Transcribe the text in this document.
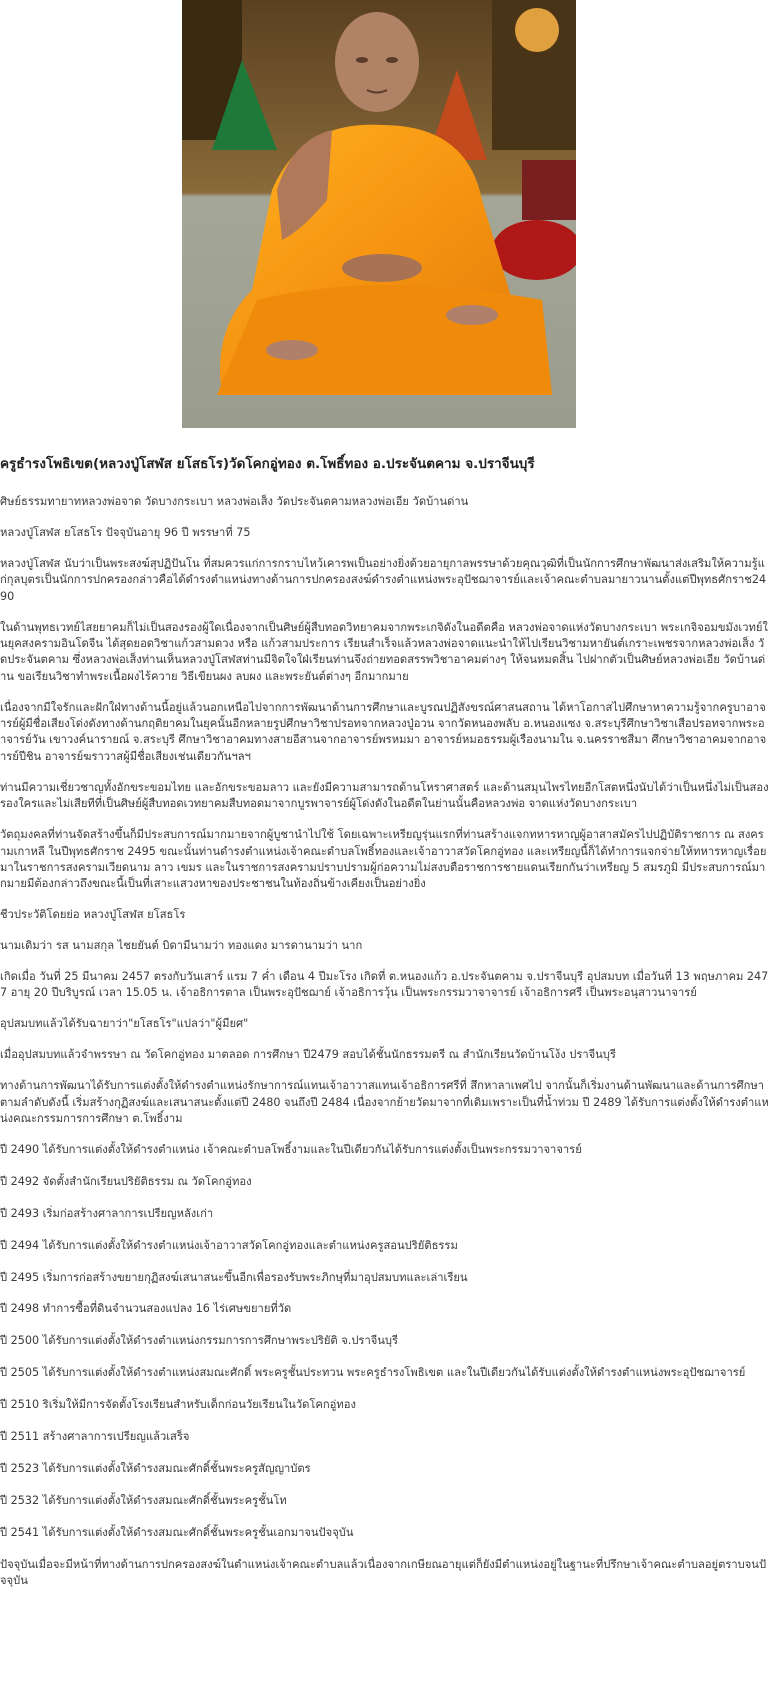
ครูธำรงโพธิเขต(หลวงปู่โสฬส ยโสธโร)วัดโคกอู่ทอง ต.โพธิ์ทอง อ.ประจันตคาม จ.ปราจีนบุรี
ศิษย์ธรรมทายาทหลวงพ่อจาด วัดบางกระเบา หลวงพ่อเส็ง วัดประจันตคามหลวงพ่อเอีย วัดบ้านด่าน
หลวงปู่โสฬส ยโสธโร ปัจจุบันอายุ 96 ปี พรรษาที่ 75
หลวงปู่โสฬส นับว่าเป็นพระสงฆ์สุปฏิปันโน ที่สมควรแก่การกราบไหว้เคารพเป็นอย่างยิ่งด้วยอายุกาลพรรษาด้วยคุณวุฒิที่เป็นนักการศึกษาพัฒนาส่งเสริมให้ความรู้แก่กุลบุตรเป็นนักการปกครองกล่าวคือได้ดำรงตำแหน่งทางด้านการปกครองสงฆ์ดำรงตำแหน่งพระอุปัชฌาจารย์และเจ้าคณะตำบลมายาวนานตั้งแต่ปีพุทธศักราช2490
ในด้านพุทธเวทย์ไสยยาคมก็ไม่เป็นสองรองผู้ใดเนื่องจากเป็นศิษย์ผู้สืบทอดวิทยาคมจากพระเกจิดังในอดีตคือ หลวงพ่อจาดแห่งวัดบางกระเบา พระเกจิจอมขมังเวทย์ในยุคสงครามอินโดจีน ได้สุดยอดวิชาแก้วสามดวง หรือ แก้วสามประการ เรียนสำเร็จแล้วหลวงพ่อจาดแนะนำให้ไปเรียนวิชามหายันต์เกราะเพชรจากหลวงพ่อเส็ง วัดประจันตคาม ซึ่งหลวงพ่อเส็งท่านเห็นหลวงปู่โสฬสท่านมีจิตใจใฝ่เรียนท่านจึงถ่ายทอดสรรพวิชาอาคมต่างๆ ให้จนหมดสิ้น ไปฝากตัวเป็นศิษย์หลวงพ่อเอีย วัดบ้านด่าน ขอเรียนวิชาทำพระเนื้อผงไร้ควาย วิธีเขียนผง ลบผง และพระยันต์ต่างๆ อีกมากมาย
เนื่องจากมีใจรักและฝักใฝ่ทางด้านนี้อยู่แล้วนอกเหนือไปจากการพัฒนาด้านการศึกษาและบูรณปฏิสังขรณ์ศาสนสถาน ได้หาโอกาสไปศึกษาหาความรู้จากครูบาอาจารย์ผู้มีชื่อเสียงโด่งดังทางด้านกฤติยาคมในยุคนั้นอีกหลายรูปศึกษาวิชาปรอทจากหลวงปู่อวน จากวัดหนองพลับ อ.หนองแซง จ.สระบุรีศึกษาวิชาเสือปรอทจากพระอาจารย์วัน เขาวงค์นารายณ์ จ.สระบุรี ศึกษาวิชาอาคมทางสายอีสานจากอาจารย์พรหมมา อาจารย์หมอธรรมผู้เรืองนามใน จ.นครราชสีมา ศึกษาวิชาอาคมจากอาจารย์ปีชิน อาจารย์ฆราวาสผู้มีชื่อเสียงเช่นเดียวกันฯลฯ
ท่านมีความเชี่ยวชาญทั้งอักขระขอมไทย และอักขระขอมลาว และยังมีความสามารถด้านโหราศาสตร์ และด้านสมุนไพรไทยอีกโสตหนึ่งนับได้ว่าเป็นหนึ่งไม่เป็นสองรองใครและไม่เสียทีที่เป็นศิษย์ผู้สืบทอดเวทยาคมสืบทอดมาจากบูรพาจารย์ผู้โด่งดังในอดีตในย่านนั้นคือหลวงพ่อ จาดแห่งวัดบางกระเบา
วัตถุมงคลที่ท่านจัดสร้างขึ้นก็มีประสบการณ์มากมายจากผู้บูชานำไปใช้ โดยเฉพาะเหรียญรุ่นแรกที่ท่านสร้างแจกทหารหาญผู้อาสาสมัครไปปฏิบัติราชการ ณ สงครามเกาหลี ในปีพุทธศักราช 2495 ขณะนั้นท่านดำรงตำแหน่งเจ้าคณะตำบลโพธิ์ทองและเจ้าอาวาสวัดโคกอู่ทอง และเหรียญนี้ก็ได้ทำการแจกจ่ายให้ทหารหาญเรื่อยมาในราชการสงครามเวียดนาม ลาว เขมร และในราชการสงครามปราบปรามผู้ก่อความไม่สงบตือราชการชายแดนเรียกกันว่าเหรียญ 5 สมรภูมิ มีประสบการณ์มากมายมีต้องกล่าวถึงขณะนี้เป็นที่เสาะแสวงหาของประชาชนในท้องถิ่นข้างเคียงเป็นอย่างยิ่ง
ชีวประวัติโดยย่อ หลวงปู่โสฬส ยโสธโร
นามเดิมว่า รส นามสกุล ไชยยันต์ บิดามีนามว่า ทองแดง มารดานามว่า นาก
เกิดเมื่อ วันที่ 25 มีนาคม 2457 ตรงกับวันเสาร์ แรม 7 ค่ำ เดือน 4 ปีมะโรง เกิดที่ ต.หนองแก้ว อ.ประจันตคาม จ.ปราจีนบุรี อุปสมบท เมื่อวันที่ 13 พฤษภาคม 2477 อายุ 20 ปีบริบูรณ์ เวลา 15.05 น. เจ้าอธิการตาล เป็นพระอุปัชฌาย์ เจ้าอธิการวุ้น เป็นพระกรรมวาจาจารย์ เจ้าอธิการศรี เป็นพระอนุสาวนาจารย์
อุปสมบทแล้วได้รับฉายาว่า"ยโสธโร"แปลว่า"ผู้มียศ"
เมื่ออุปสมบทแล้วจำพรรษา ณ วัดโคกอู่ทอง มาตลอด การศึกษา ปี2479 สอบได้ชั้นนักธรรมตรี ณ สำนักเรียนวัดบ้านโง้ง ปราจีนบุรี
ทางด้านการพัฒนาได้รับการแต่งตั้งให้ดำรงตำแหน่งรักษาการณ์แทนเจ้าอาวาสแทนเจ้าอธิการศรีที่ สึกหาลาเพศไป จากนั้นก็เริ่มงานด้านพัฒนาและด้านการศึกษาตามลำดับดังนี้ เริ่มสร้างกุฏิสงฆ์และเสนาสนะตั้งแต่ปี 2480 จนถึงปี 2484 เนื่องจากย้ายวัดมาจากที่เดิมเพราะเป็นที่น้ำท่วม ปี 2489 ได้รับการแต่งตั้งให้ดำรงตำแหน่งคณะกรรมการการศึกษา ต.โพธิ์งาม
ปี 2490 ได้รับการแต่งตั้งให้ดำรงตำแหน่ง เจ้าคณะตำบลโพธิ์งามและในปีเดียวกันได้รับการแต่งตั้งเป็นพระกรรมวาจาจารย์
ปี 2492 จัดตั้งสำนักเรียนปริยัติธรรม ณ วัดโคกอู่ทอง
ปี 2493 เริ่มก่อสร้างศาลาการเปรียญหลังเก่า
ปี 2494 ได้รับการแต่งตั้งให้ดำรงตำแหน่งเจ้าอาวาสวัดโคกอู่ทองและตำแหน่งครูสอนปริยัติธรรม
ปี 2495 เริ่มการก่อสร้างขยายกุฏิสงฆ์เสนาสนะขึ้นอีกเพื่อรองรับพระภิกษุที่มาอุปสมบทและเล่าเรียน
ปี 2498 ทำการซื้อที่ดินจำนวนสองแปลง 16 ไร่เศษขยายที่วัด
ปี 2500 ได้รับการแต่งตั้งให้ดำรงตำแหน่งกรรมการการศึกษาพระปริยัติ จ.ปราจีนบุรี
ปี 2505 ได้รับการแต่งตั้งให้ดำรงตำแหน่งสมณะศักดิ์ พระครูชั้นประทวน พระครูธำรงโพธิเขต และในปีเดียวกันได้รับแต่งตั้งให้ดำรงตำแหน่งพระอุปัชฌาจารย์
ปี 2510 ริเริ่มให้มีการจัดตั้งโรงเรียนสำหรับเด็กก่อนวัยเรียนในวัดโคกอู่ทอง
ปี 2511 สร้างศาลาการเปรียญแล้วเสร็จ
ปี 2523 ได้รับการแต่งตั้งให้ดำรงสมณะศักดิ์ชั้นพระครูสัญญาบัตร
ปี 2532 ได้รับการแต่งตั้งให้ดำรงสมณะศักดิ์ชั้นพระครูชั้นโท
ปี 2541 ได้รับการแต่งตั้งให้ดำรงสมณะศักดิ์ชั้นพระครูชั้นเอกมาจนปัจจุบัน
ปัจจุบันเมื่อจะมีหน้าที่ทางด้านการปกครองสงฆ์ในตำแหน่งเจ้าคณะตำบลแล้วเนื่องจากเกษียณอายุแต่ก็ยังมีตำแหน่งอยู่ในฐานะที่ปรึกษาเจ้าคณะตำบลอยู่ตราบจนปัจจุบัน
